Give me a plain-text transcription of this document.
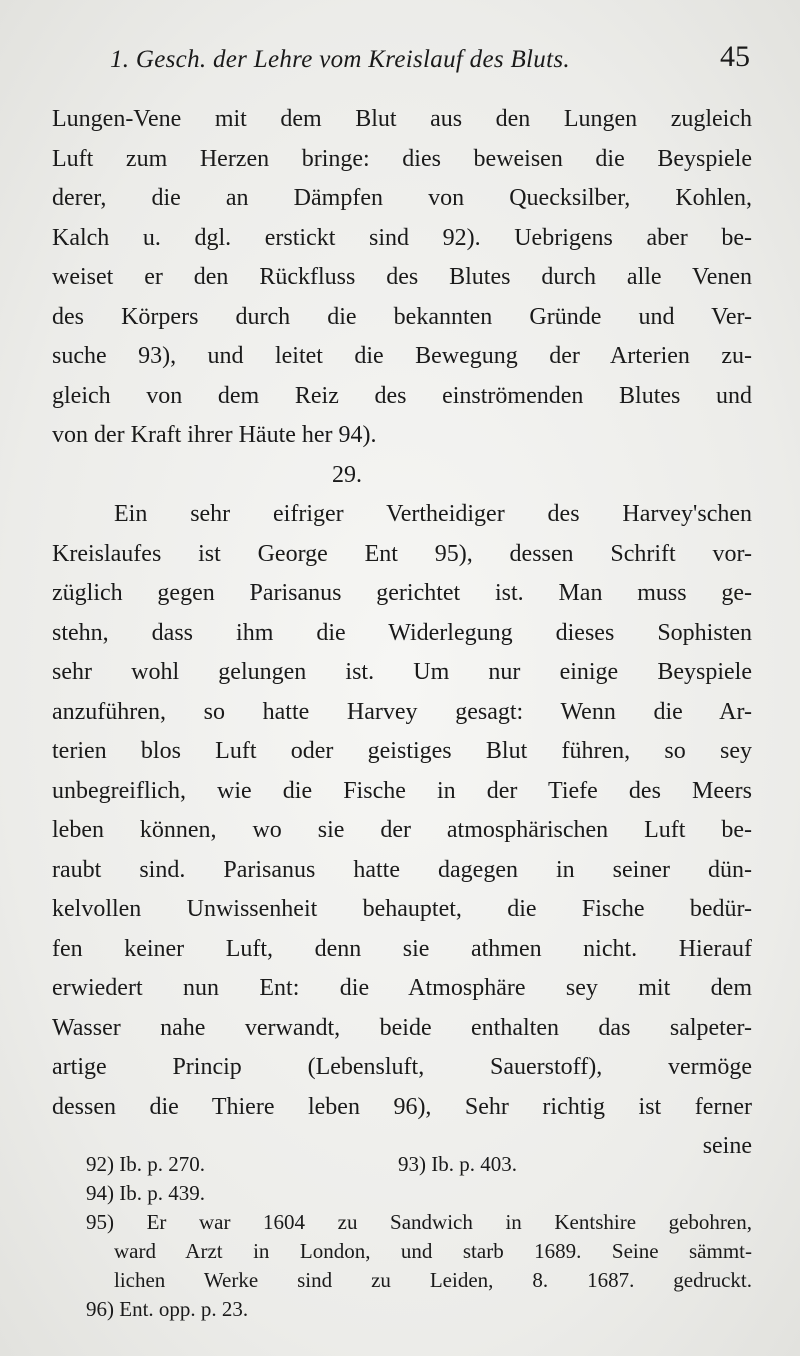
1. Gesch. der Lehre vom Kreislauf des Bluts.	45
Lungen-Vene mit dem Blut aus den Lungen zugleich
Luft zum Herzen bringe: dies beweisen die Beyspiele
derer, die an Dämpfen von Quecksilber, Kohlen,
Kalch u. dgl. erstickt sind 92). Uebrigens aber be-
weiset er den Rückfluss des Blutes durch alle Venen
des Körpers durch die bekannten Gründe und Ver-
suche 93), und leitet die Bewegung der Arterien zu-
gleich von dem Reiz des einströmenden Blutes und
von der Kraft ihrer Häute her 94).
29.
Ein sehr eifriger Vertheidiger des Harvey'schen
Kreislaufes ist George Ent 95), dessen Schrift vor-
züglich gegen Parisanus gerichtet ist. Man muss ge-
stehn, dass ihm die Widerlegung dieses Sophisten
sehr wohl gelungen ist. Um nur einige Beyspiele
anzuführen, so hatte Harvey gesagt: Wenn die Ar-
terien blos Luft oder geistiges Blut führen, so sey
unbegreiflich, wie die Fische in der Tiefe des Meers
leben können, wo sie der atmosphärischen Luft be-
raubt sind. Parisanus hatte dagegen in seiner dün-
kelvollen Unwissenheit behauptet, die Fische bedür-
fen keiner Luft, denn sie athmen nicht. Hierauf
erwiedert nun Ent: die Atmosphäre sey mit dem
Wasser nahe verwandt, beide enthalten das salpeter-
artige Princip (Lebensluft, Sauerstoff), vermöge
dessen die Thiere leben 96), Sehr richtig ist ferner
seine
92) Ib. p. 270.	93) Ib. p. 403.
94) Ib. p. 439.
95) Er war 1604 zu Sandwich in Kentshire gebohren,
ward Arzt in London, und starb 1689. Seine sämmt-
lichen Werke sind zu Leiden, 8. 1687. gedruckt.
96) Ent. opp. p. 23.
